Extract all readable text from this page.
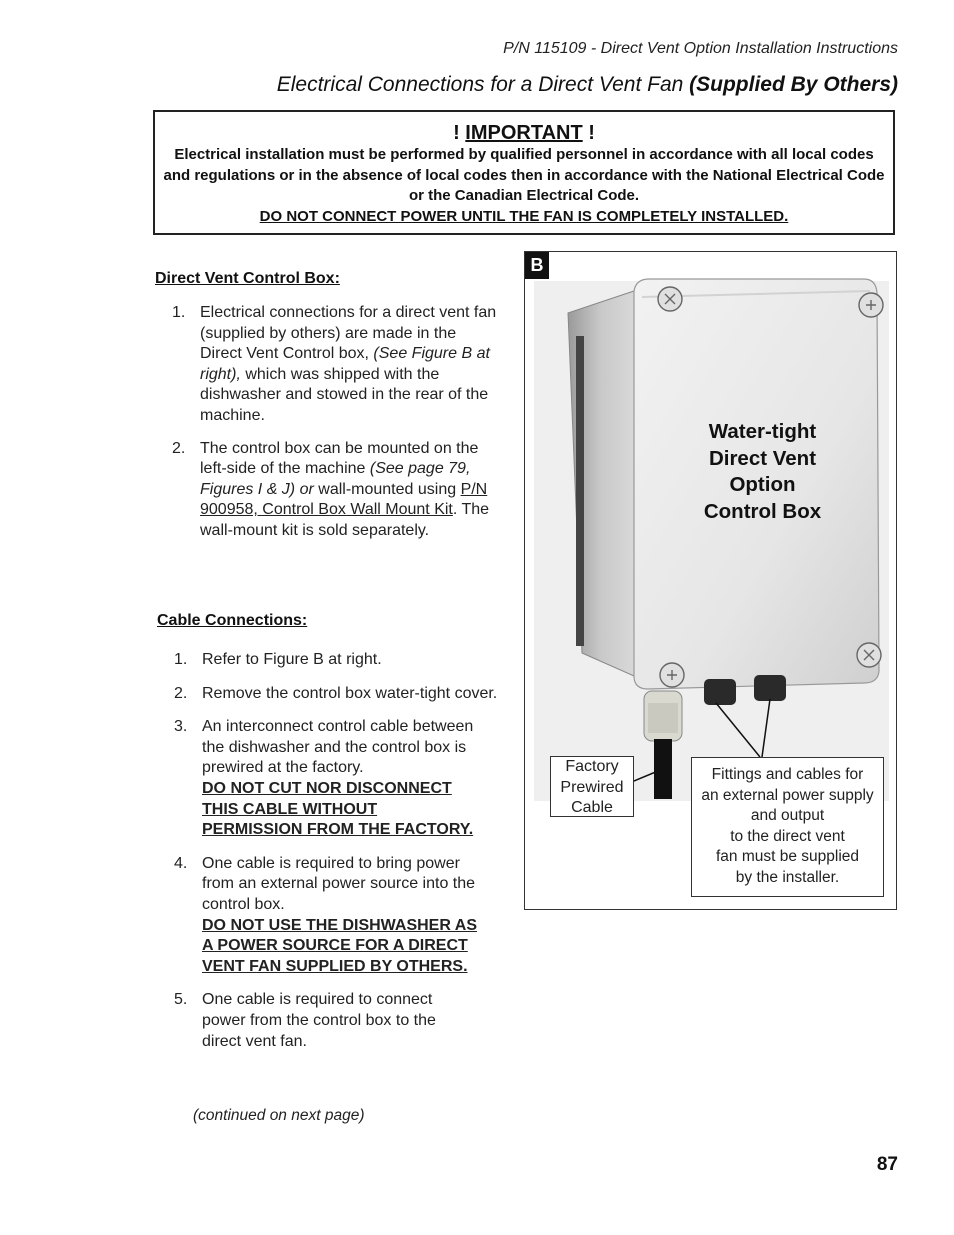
P/N 115109 - Direct Vent Option Installation Instructions
Electrical Connections for a Direct Vent Fan (Supplied By Others)
! IMPORTANT !
Electrical installation must be performed by qualified personnel in accordance with all local codes and regulations or in the absence of local codes then in accordance with the National Electrical Code or the Canadian Electrical Code.
DO NOT CONNECT POWER UNTIL THE FAN IS COMPLETELY INSTALLED.
Direct Vent Control Box:
1. Electrical connections for a direct vent fan (supplied by others) are made in the Direct Vent Control box, (See Figure B at right), which was shipped with the dishwasher and stowed in the rear of the machine.
2. The control box can be mounted on the left-side of the machine (See page 79, Figures I & J) or wall-mounted using P/N 900958, Control Box Wall Mount Kit. The wall-mount kit is sold separately.
Cable Connections:
1. Refer to Figure B at right.
2. Remove the control box water-tight cover.
3. An interconnect control cable between the dishwasher and the control box is prewired at the factory.
DO NOT CUT NOR DISCONNECT THIS CABLE WITHOUT PERMISSION FROM THE FACTORY.
4. One cable is required to bring power from an external power source into the control box.
DO NOT USE THE DISHWASHER AS A POWER SOURCE FOR A DIRECT VENT FAN SUPPLIED BY OTHERS.
5. One cable is required to connect power from the control box to the direct vent fan.
B
Water-tight
Direct Vent
Option
Control Box
Factory
Prewired
Cable
Fittings and cables for
an external power supply
and output
to the direct vent
fan must be supplied
by the installer.
(continued on next page)
87
